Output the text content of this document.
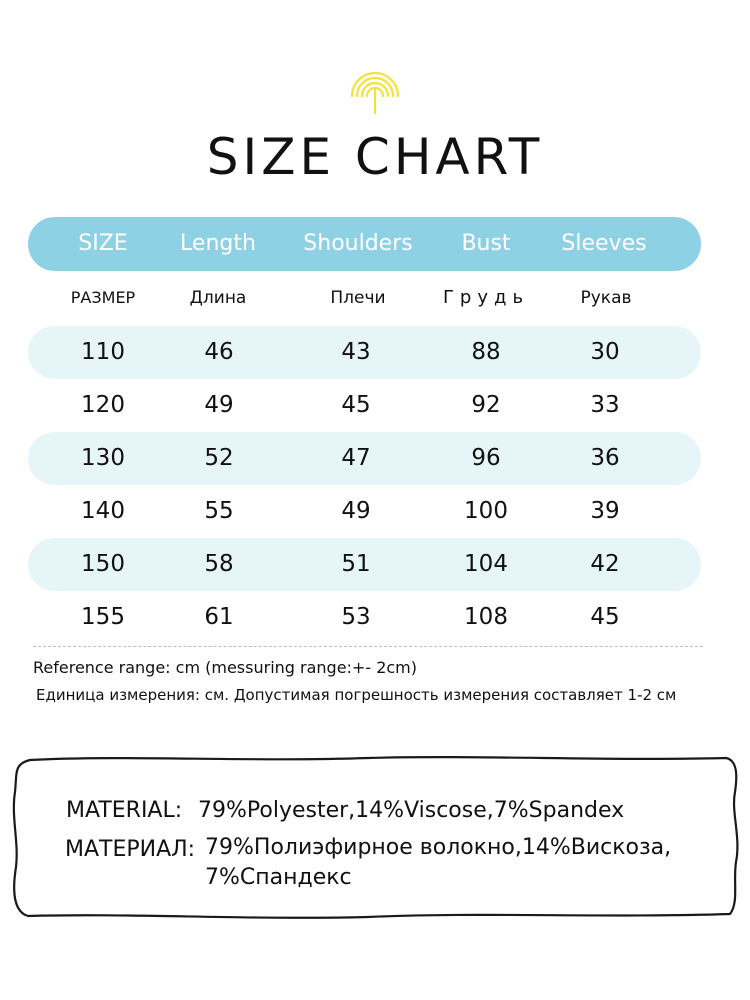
SIZE CHART
SIZE	Length	Shoulders	Bust	Sleeves
РАЗМЕР	Длина	Плечи	Грудь	Рукав
110	46	43	88	30
120	49	45	92	33
130	52	47	96	36
140	55	49	100	39
150	58	51	104	42
155	61	53	108	45
Reference range: cm (messuring range:+- 2cm)
Единица измерения: см. Допустимая погрешность измерения составляет 1-2 см
MATERIAL: 79%Polyester,14%Viscose,7%Spandex
МАТЕРИАЛ: 79%Полиэфирное волокно,14%Вискоза,
7%Спандекс
